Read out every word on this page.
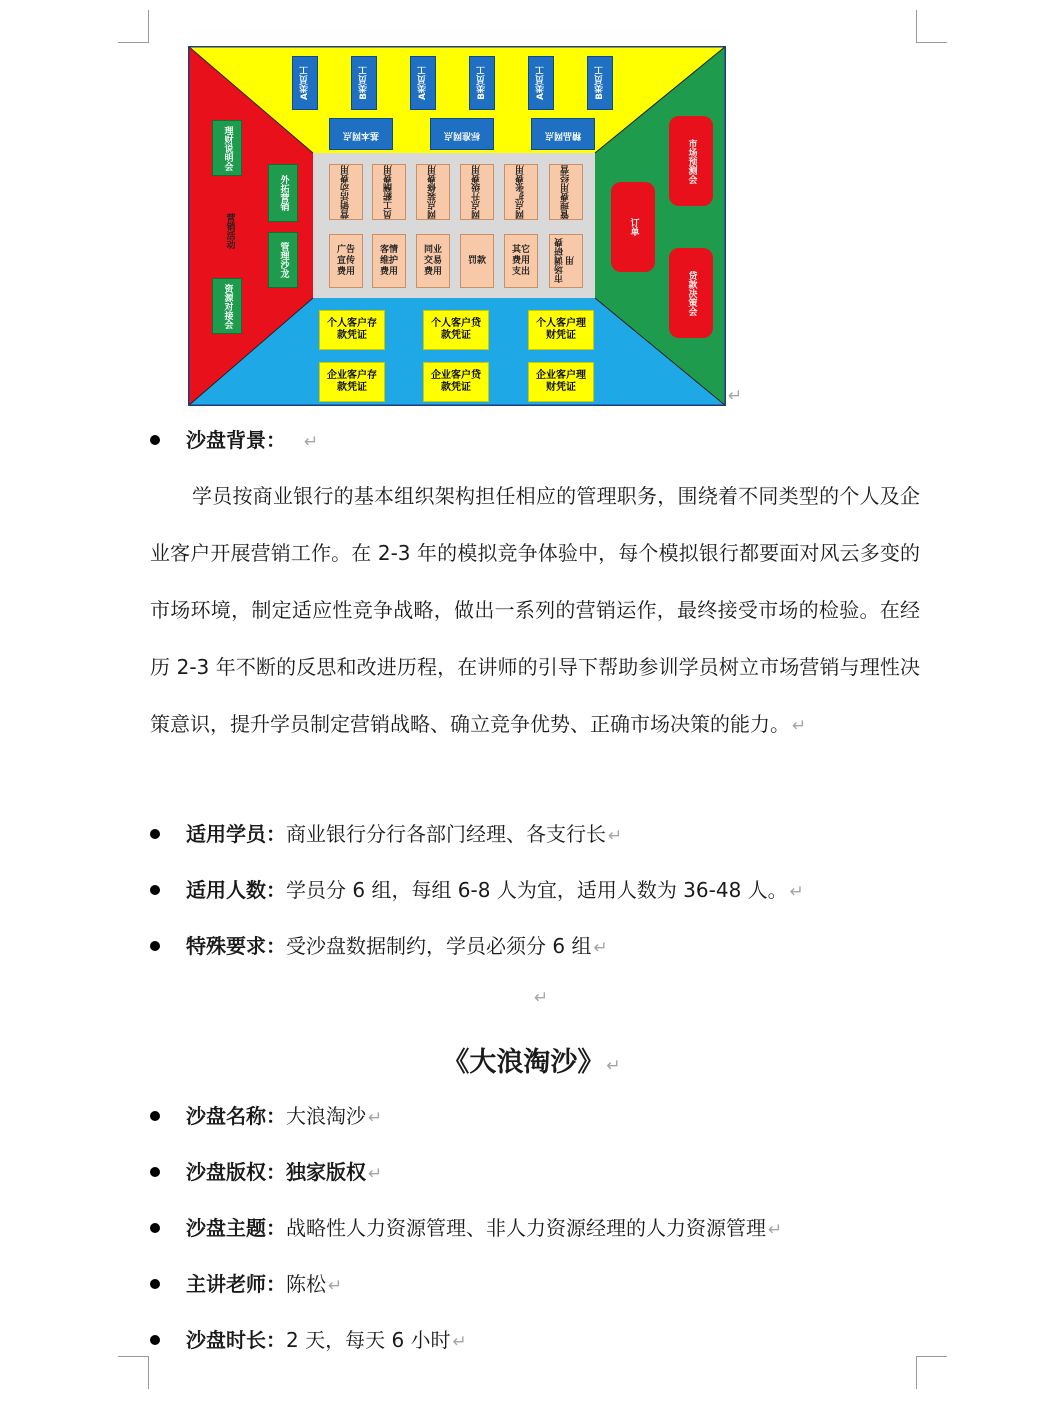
A类员工	B类员工	A类员工	B类员工	A类员工	B类员工
基本网点	标准网点	精品网点
理财说明会
营销活动
资源对接会
外拓营销
管理沙龙
市场预测会
订单
贷款决策会
营销活动费用	员工薪酬费用	网点装修费用	网点升级费用	网点扩张费用	管理费用经营
广告宣传费用
客情维护费用
同业交易费用
罚款
其它费用支出	市场调研费用
个人客户存款凭证
个人客户贷款凭证
个人客户理财凭证
企业客户存款凭证
企业客户贷款凭证
企业客户理财凭证	↵
沙盘背景： ↵
学员按商业银行的基本组织架构担任相应的管理职务，围绕着不同类型的个人及企业客户开展营销工作。在 2-3 年的模拟竞争体验中，每个模拟银行都要面对风云多变的市场环境，制定适应性竞争战略，做出一系列的营销运作，最终接受市场的检验。在经历 2-3 年不断的反思和改进历程，在讲师的引导下帮助参训学员树立市场营销与理性决策意识，提升学员制定营销战略、确立竞争优势、正确市场决策的能力。 ↵
适用学员：商业银行分行各部门经理、各支行长 ↵
适用人数：学员分 6 组，每组 6-8 人为宜，适用人数为 36-48 人。 ↵
特殊要求：受沙盘数据制约，学员必须分 6 组 ↵
↵
《大浪淘沙》 ↵
沙盘名称：大浪淘沙 ↵
沙盘版权：独家版权 ↵
沙盘主题：战略性人力资源管理、非人力资源经理的人力资源管理 ↵
主讲老师：陈松 ↵
沙盘时长：2 天，每天 6 小时 ↵
